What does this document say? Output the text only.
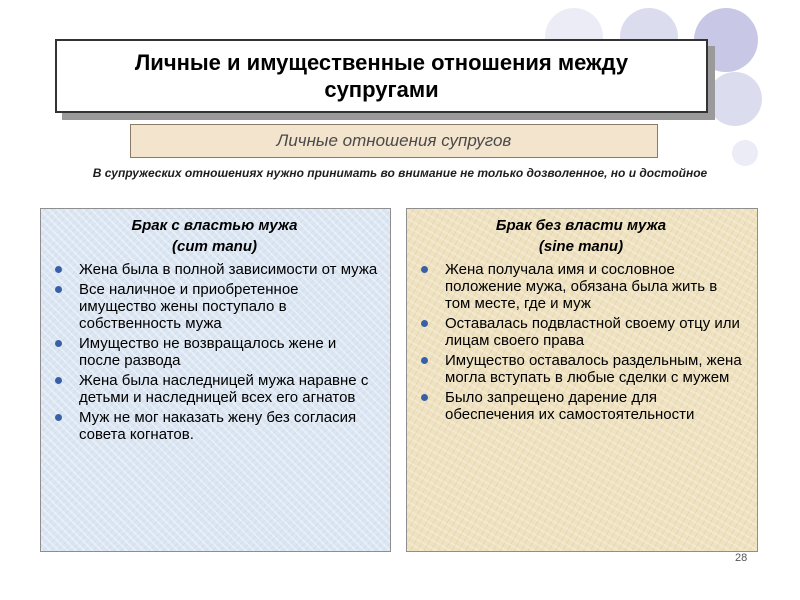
Личные и имущественные отношения между супругами
Личные отношения супругов
В супружеских отношениях нужно принимать во внимание не только дозволенное, но и достойное
Брак с властью мужа
(cum manu)
Жена была в полной зависимости от мужа
Все наличное и приобретенное имущество жены поступало в собственность мужа
Имущество не возвращалось жене и после развода
Жена была наследницей мужа наравне с детьми и наследницей всех его агнатов
Муж не мог наказать жену без согласия совета когнатов.
Брак без власти мужа
(sine manu)
Жена получала имя и сословное положение мужа, обязана была жить в том месте, где и муж
Оставалась подвластной своему отцу или лицам своего права
Имущество оставалось раздельным, жена могла вступать в любые сделки с мужем
Было запрещено дарение для обеспечения их самостоятельности
28
